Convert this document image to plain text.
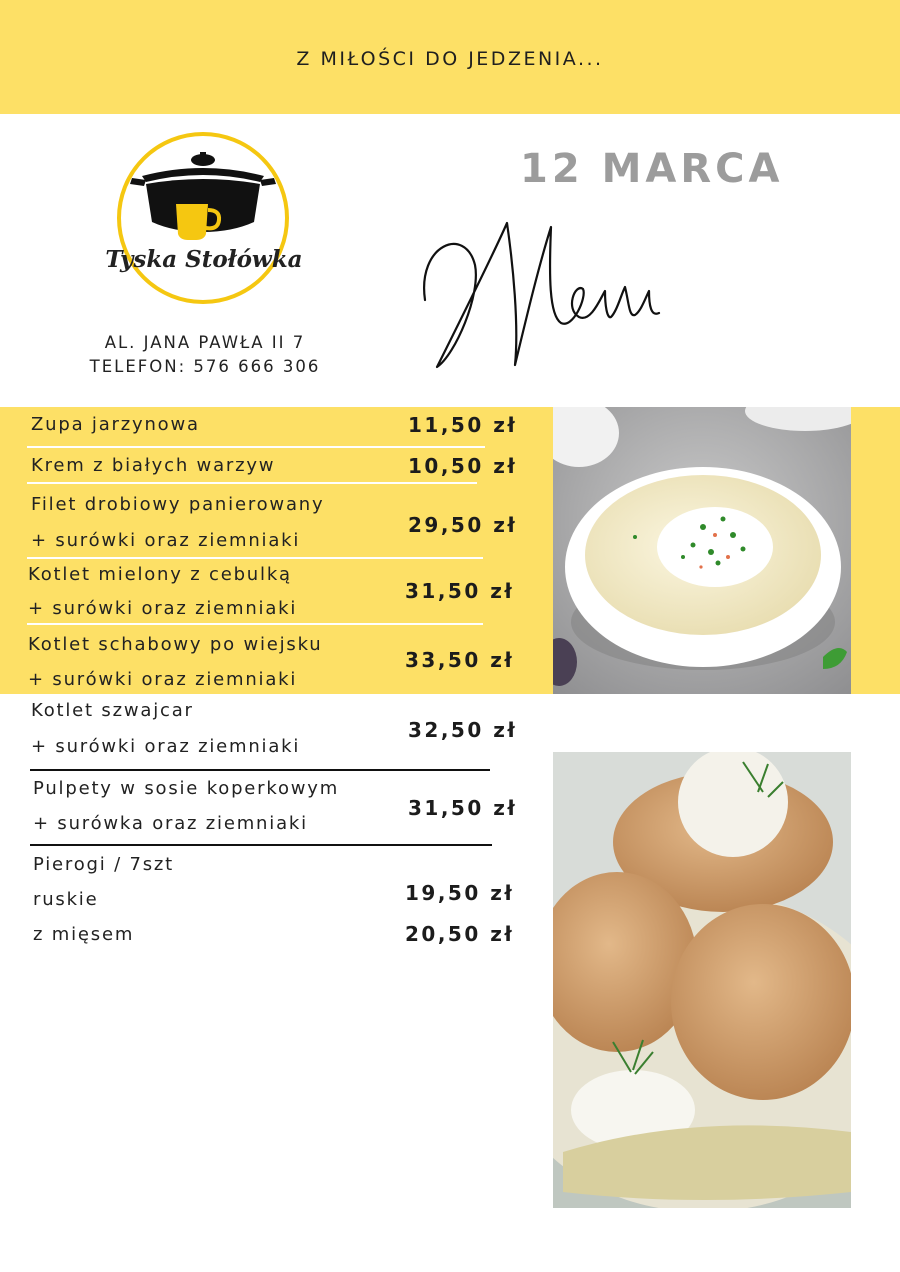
Z MIŁOŚCI DO JEDZENIA...
Tyska Stołówka
AL. JANA PAWŁA II 7
TELEFON: 576 666 306
12 MARCA
Zupa jarzynowa	11,50 zł
Krem z białych warzyw	10,50 zł
Filet drobiowy panierowany
+ surówki oraz ziemniaki
29,50 zł
Kotlet mielony z cebulką
+ surówki oraz ziemniaki
31,50 zł
Kotlet schabowy po wiejsku
+ surówki oraz ziemniaki
33,50 zł
Kotlet szwajcar
+ surówki oraz ziemniaki
32,50 zł
Pulpety w sosie koperkowym
+ surówka oraz ziemniaki
31,50 zł
Pierogi / 7szt
ruskie
z mięsem
19,50 zł
20,50 zł
